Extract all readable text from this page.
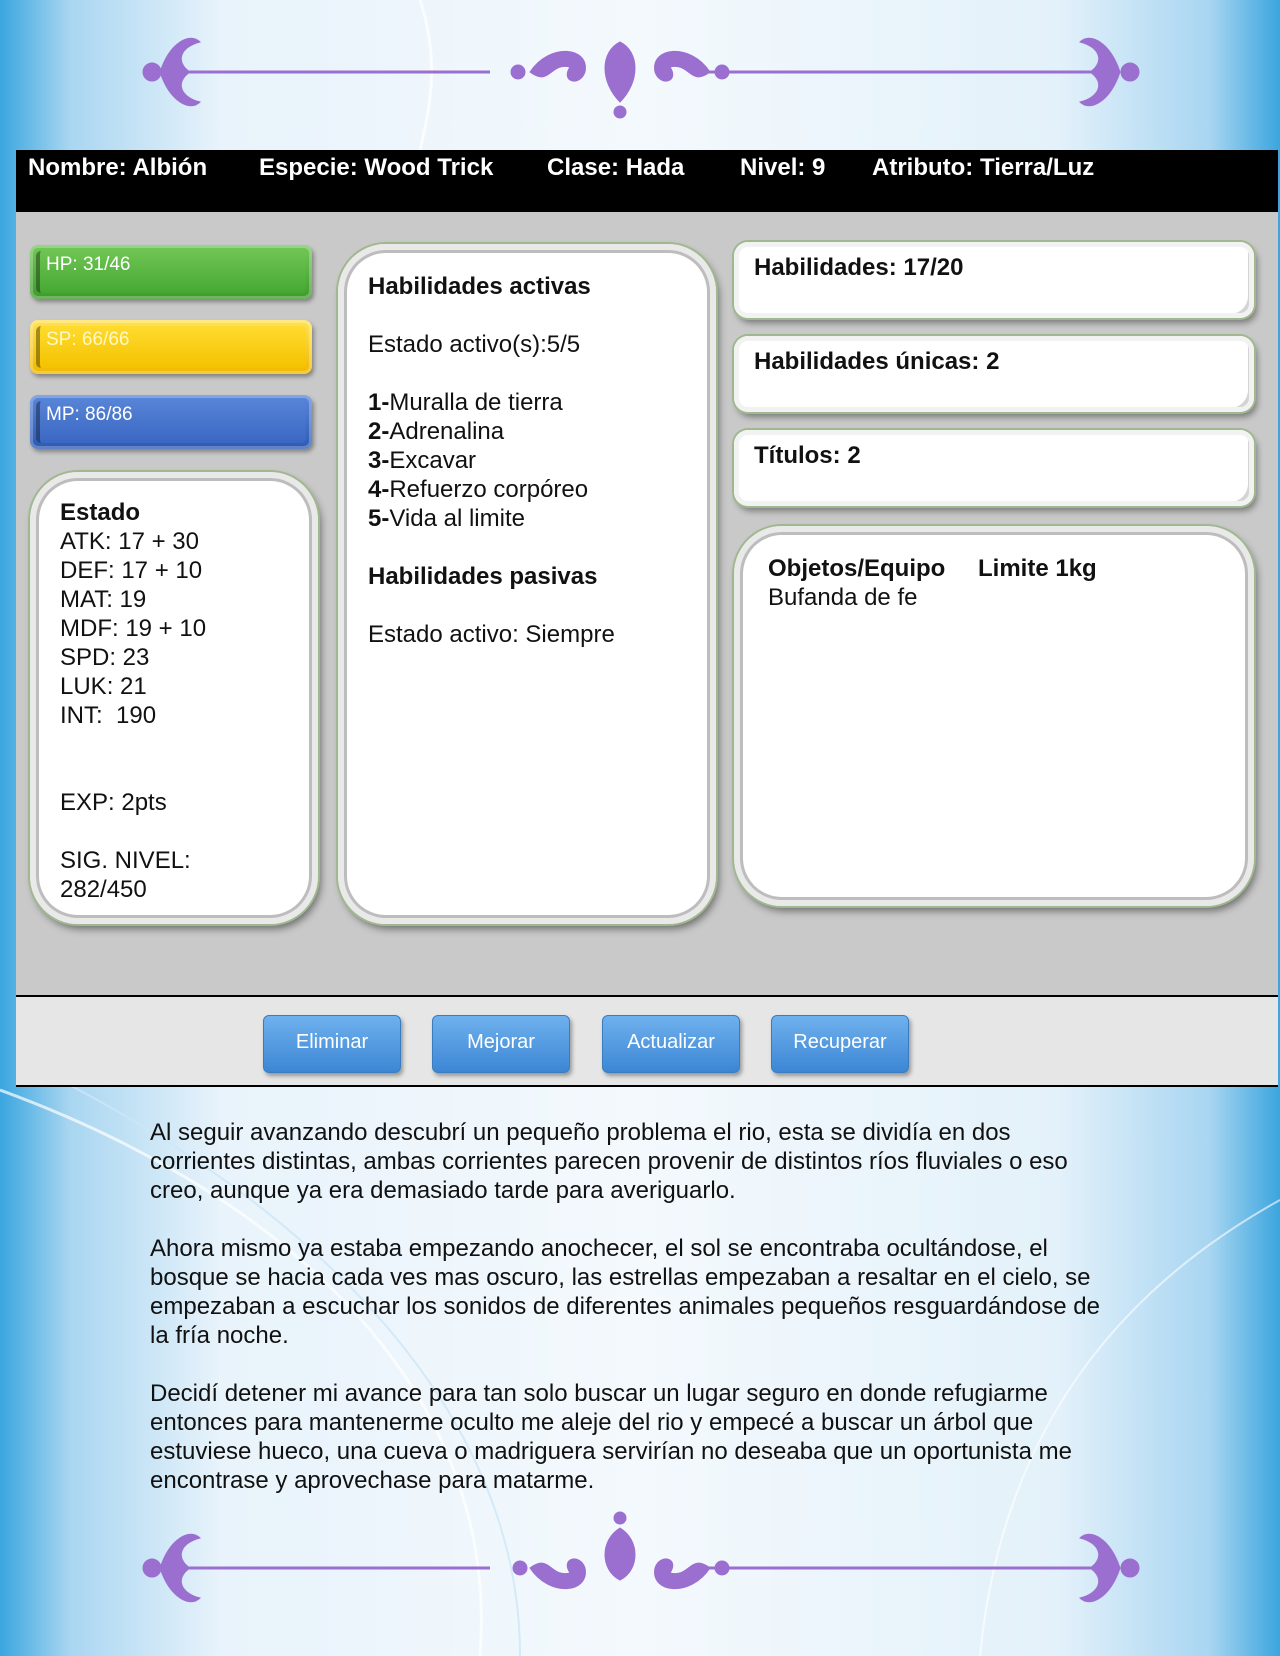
Nombre: Albión Especie: Wood Trick Clase: Hada Nivel: 9 Atributo: Tierra/Luz
HP: 31/46
SP: 66/66
MP: 86/86
Estado
ATK: 17 + 30
DEF: 17 + 10
MAT: 19
MDF: 19 + 10
SPD: 23
LUK: 21
INT:  190
EXP: 2pts
SIG. NIVEL:
282/450
Habilidades activas
Estado activo(s):5/5
1-Muralla de tierra
2-Adrenalina
3-Excavar
4-Refuerzo corpóreo
5-Vida al limite
Habilidades pasivas
Estado activo: Siempre
Habilidades: 17/20
Habilidades únicas: 2
Títulos: 2
Objetos/Equipo Limite 1kg
Bufanda de fe
Eliminar	Mejorar	Actualizar	Recuperar

Al seguir avanzando descubrí un pequeño problema el rio, esta se dividía en dos corrientes distintas, ambas corrientes parecen provenir de distintos ríos fluviales o eso creo, aunque ya era demasiado tarde para averiguarlo.

Ahora mismo ya estaba empezando anochecer, el sol se encontraba ocultándose, el bosque se hacia cada ves mas oscuro, las estrellas empezaban a resaltar en el cielo, se empezaban a escuchar los sonidos de diferentes animales pequeños resguardándose de la fría noche.

Decidí detener mi avance para tan solo buscar un lugar seguro en donde refugiarme entonces para mantenerme oculto me aleje del rio y empecé a buscar un árbol que estuviese hueco, una cueva o madriguera servirían no deseaba que un oportunista me encontrase y aprovechase para matarme.
